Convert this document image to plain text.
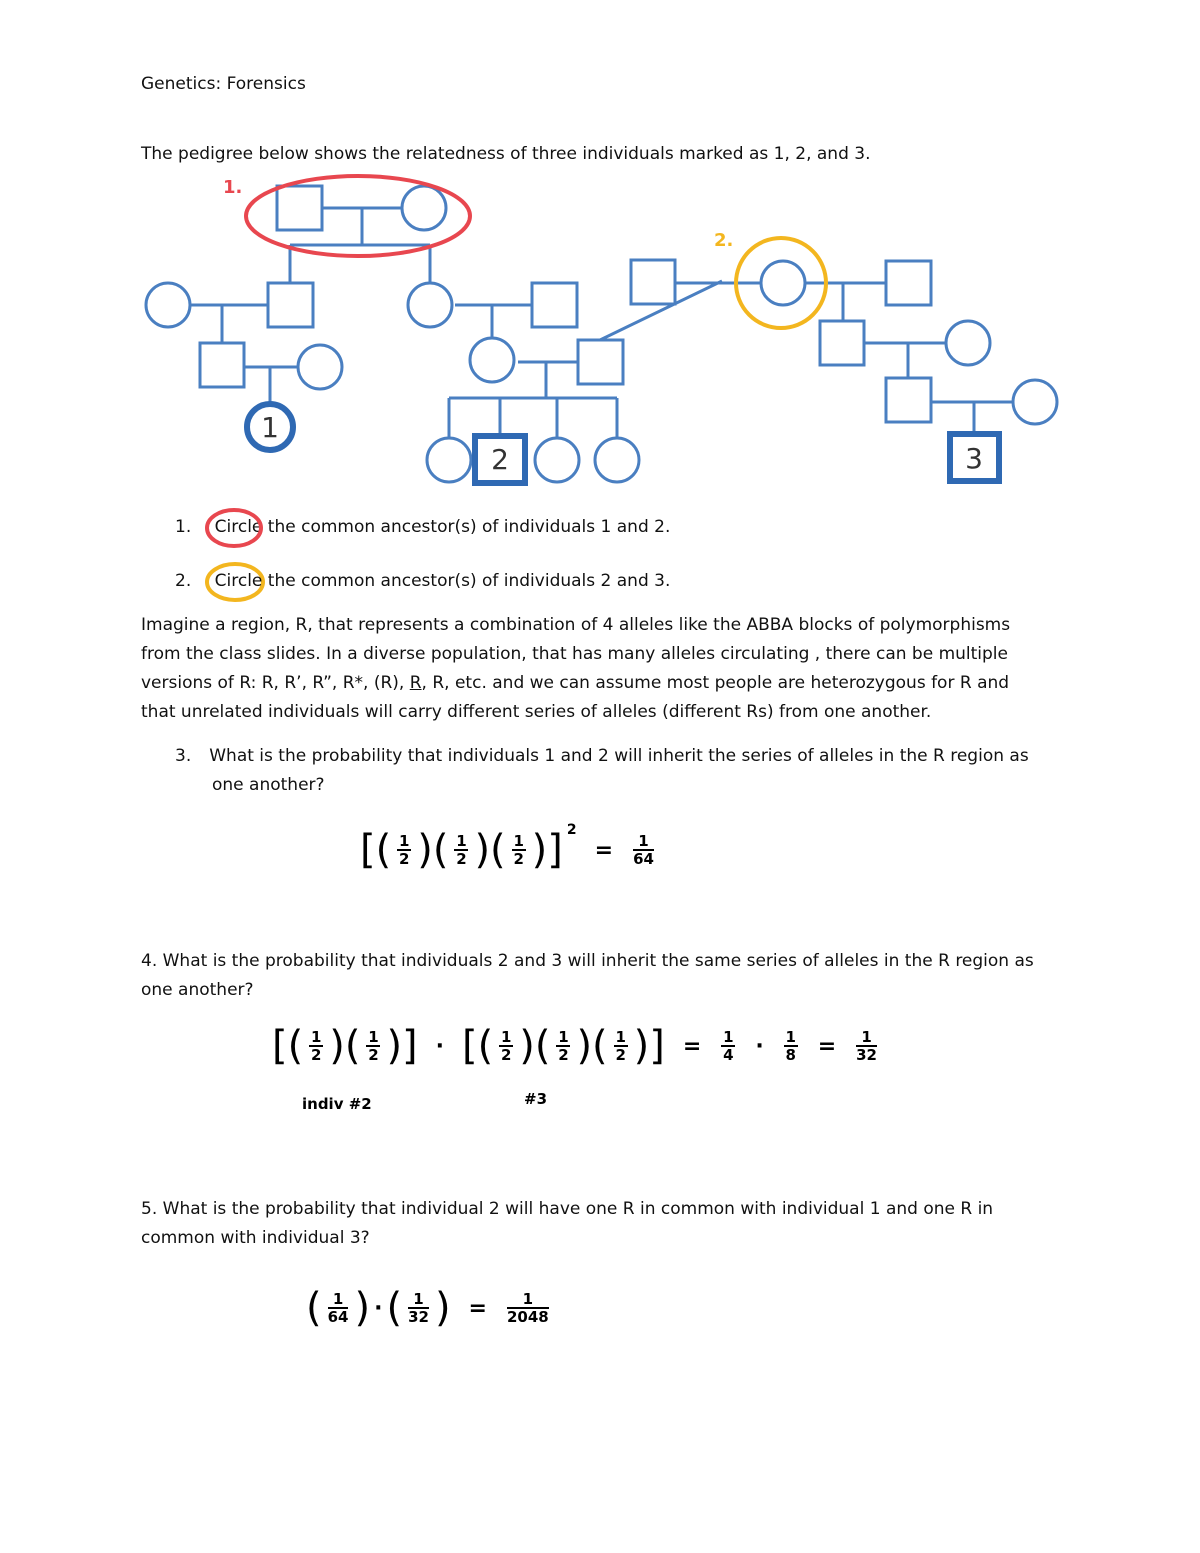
Genetics: Forensics
The pedigree below shows the relatedness of three individuals marked as 1, 2, and 3.
1
2	3
1.
2.
1. Circle the common ancestor(s) of individuals 1 and 2.
2. Circle the common ancestor(s) of individuals 2 and 3.
Imagine a region, R, that represents a combination of 4 alleles like the ABBA blocks of polymorphisms
from the class slides. In a diverse population, that has many alleles circulating , there can be multiple
versions of R: R, R’, R”, R*, (R), R, R, etc. and we can assume most people are heterozygous for R and
that unrelated individuals will carry different series of alleles (different Rs) from one another.
3. What is the probability that individuals 1 and 2 will inherit the series of alleles in the R region as
one another?
[( $\frac{1}{2}$ )( $\frac{1}{2}$ )( $\frac{1}{2}$ )] 2
= $\frac{1}{64}$
4. What is the probability that individuals 2 and 3 will inherit the same series of alleles in the R region as
one another?
[( $\frac{1}{2}$ )( $\frac{1}{2}$ )] · [( $\frac{1}{2}$ )( $\frac{1}{2}$ )( $\frac{1}{2}$ )] = $\frac{1}{4} \cdot \frac{1}{8} = \frac{1}{32}$
indiv #2	#3
5. What is the probability that individual 2 will have one R in common with individual 1 and one R in
common with individual 3?
( $\frac{1}{64}$ ) · ( $\frac{1}{32}$ ) = $\frac{1}{2048}$
